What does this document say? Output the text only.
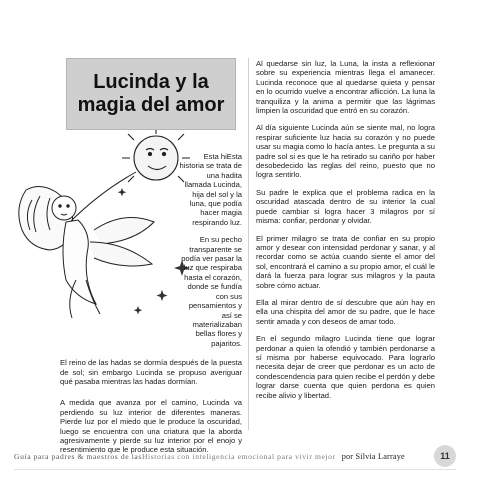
Lucinda y la magia del amor

Esta hiEsta historia se trata de una hadita llamada Lucinda, hija del sol y la luna, que podía hacer magia respirando luz.

En su pecho transparente se podía ver pasar la luz que respiraba hasta el corazón, donde se fundía con sus pensamientos y así se materializaban bellas flores y pajaritos.

El reino de las hadas se dormía después de la puesta de sol; sin embargo Lucinda se propuso averiguar qué pasaba mientras las hadas dormían.

A medida que avanza por el camino, Lucinda va perdiendo su luz interior de diferentes maneras. Pierde luz por el miedo que le produce la oscuridad, luego se encuentra con una criatura que la aborda agresivamente y pierde su luz interior por el enojo y resentimiento que le produce esta situación.

Al quedarse sin luz, la Luna, la insta a reflexionar sobre su experiencia mientras llega el amanecer. Lucinda reconoce que al quedarse quieta y pensar en lo ocurrido vuelve a encontrar aflicción. La luna la tranquiliza y la anima a permitir que las lágrimas limpien la oscuridad que entró en su corazón.

Al día siguiente Lucinda aún se siente mal, no logra respirar suficiente luz hacia su corazón y no puede usar su magia como lo hacía antes. Le pregunta a su padre sol si es que le ha retirado su cariño por haber desobedecido las reglas del reino, puesto que no logra sentirlo.

Su padre le explica que el problema radica en la oscuridad atascada dentro de su interior la cual puede cambiar si logra hacer 3 milagros por sí misma: confiar, perdonar y olvidar.

El primer milagro se trata de confiar en su propio amor y desear con intensidad perdonar y sanar, y al recordar como se actúa cuando siente el amor del sol, encontrará el camino a su propio amor, el cuál le dará la fuerza para lograr sus milagros y la pauta sobre cómo actuar.

Ella al mirar dentro de sí descubre que aún hay en ella una chispita del amor de su padre, que le hace sentir amada y con deseos de amar todo.

En el segundo milagro Lucinda tiene que lograr perdonar a quien la ofendió y también perdonarse a sí misma por haberse equivocado. Para lograrlo necesita dejar de creer que perdonar es un acto de condescendencia para quien recibe el perdón y debe lograr darse cuenta que quien perdona es quien recibe alivio y libertad.

Guía para padres & maestros de las Historias con inteligencia emocional para vivir mejor por Silvia Larraye	11
